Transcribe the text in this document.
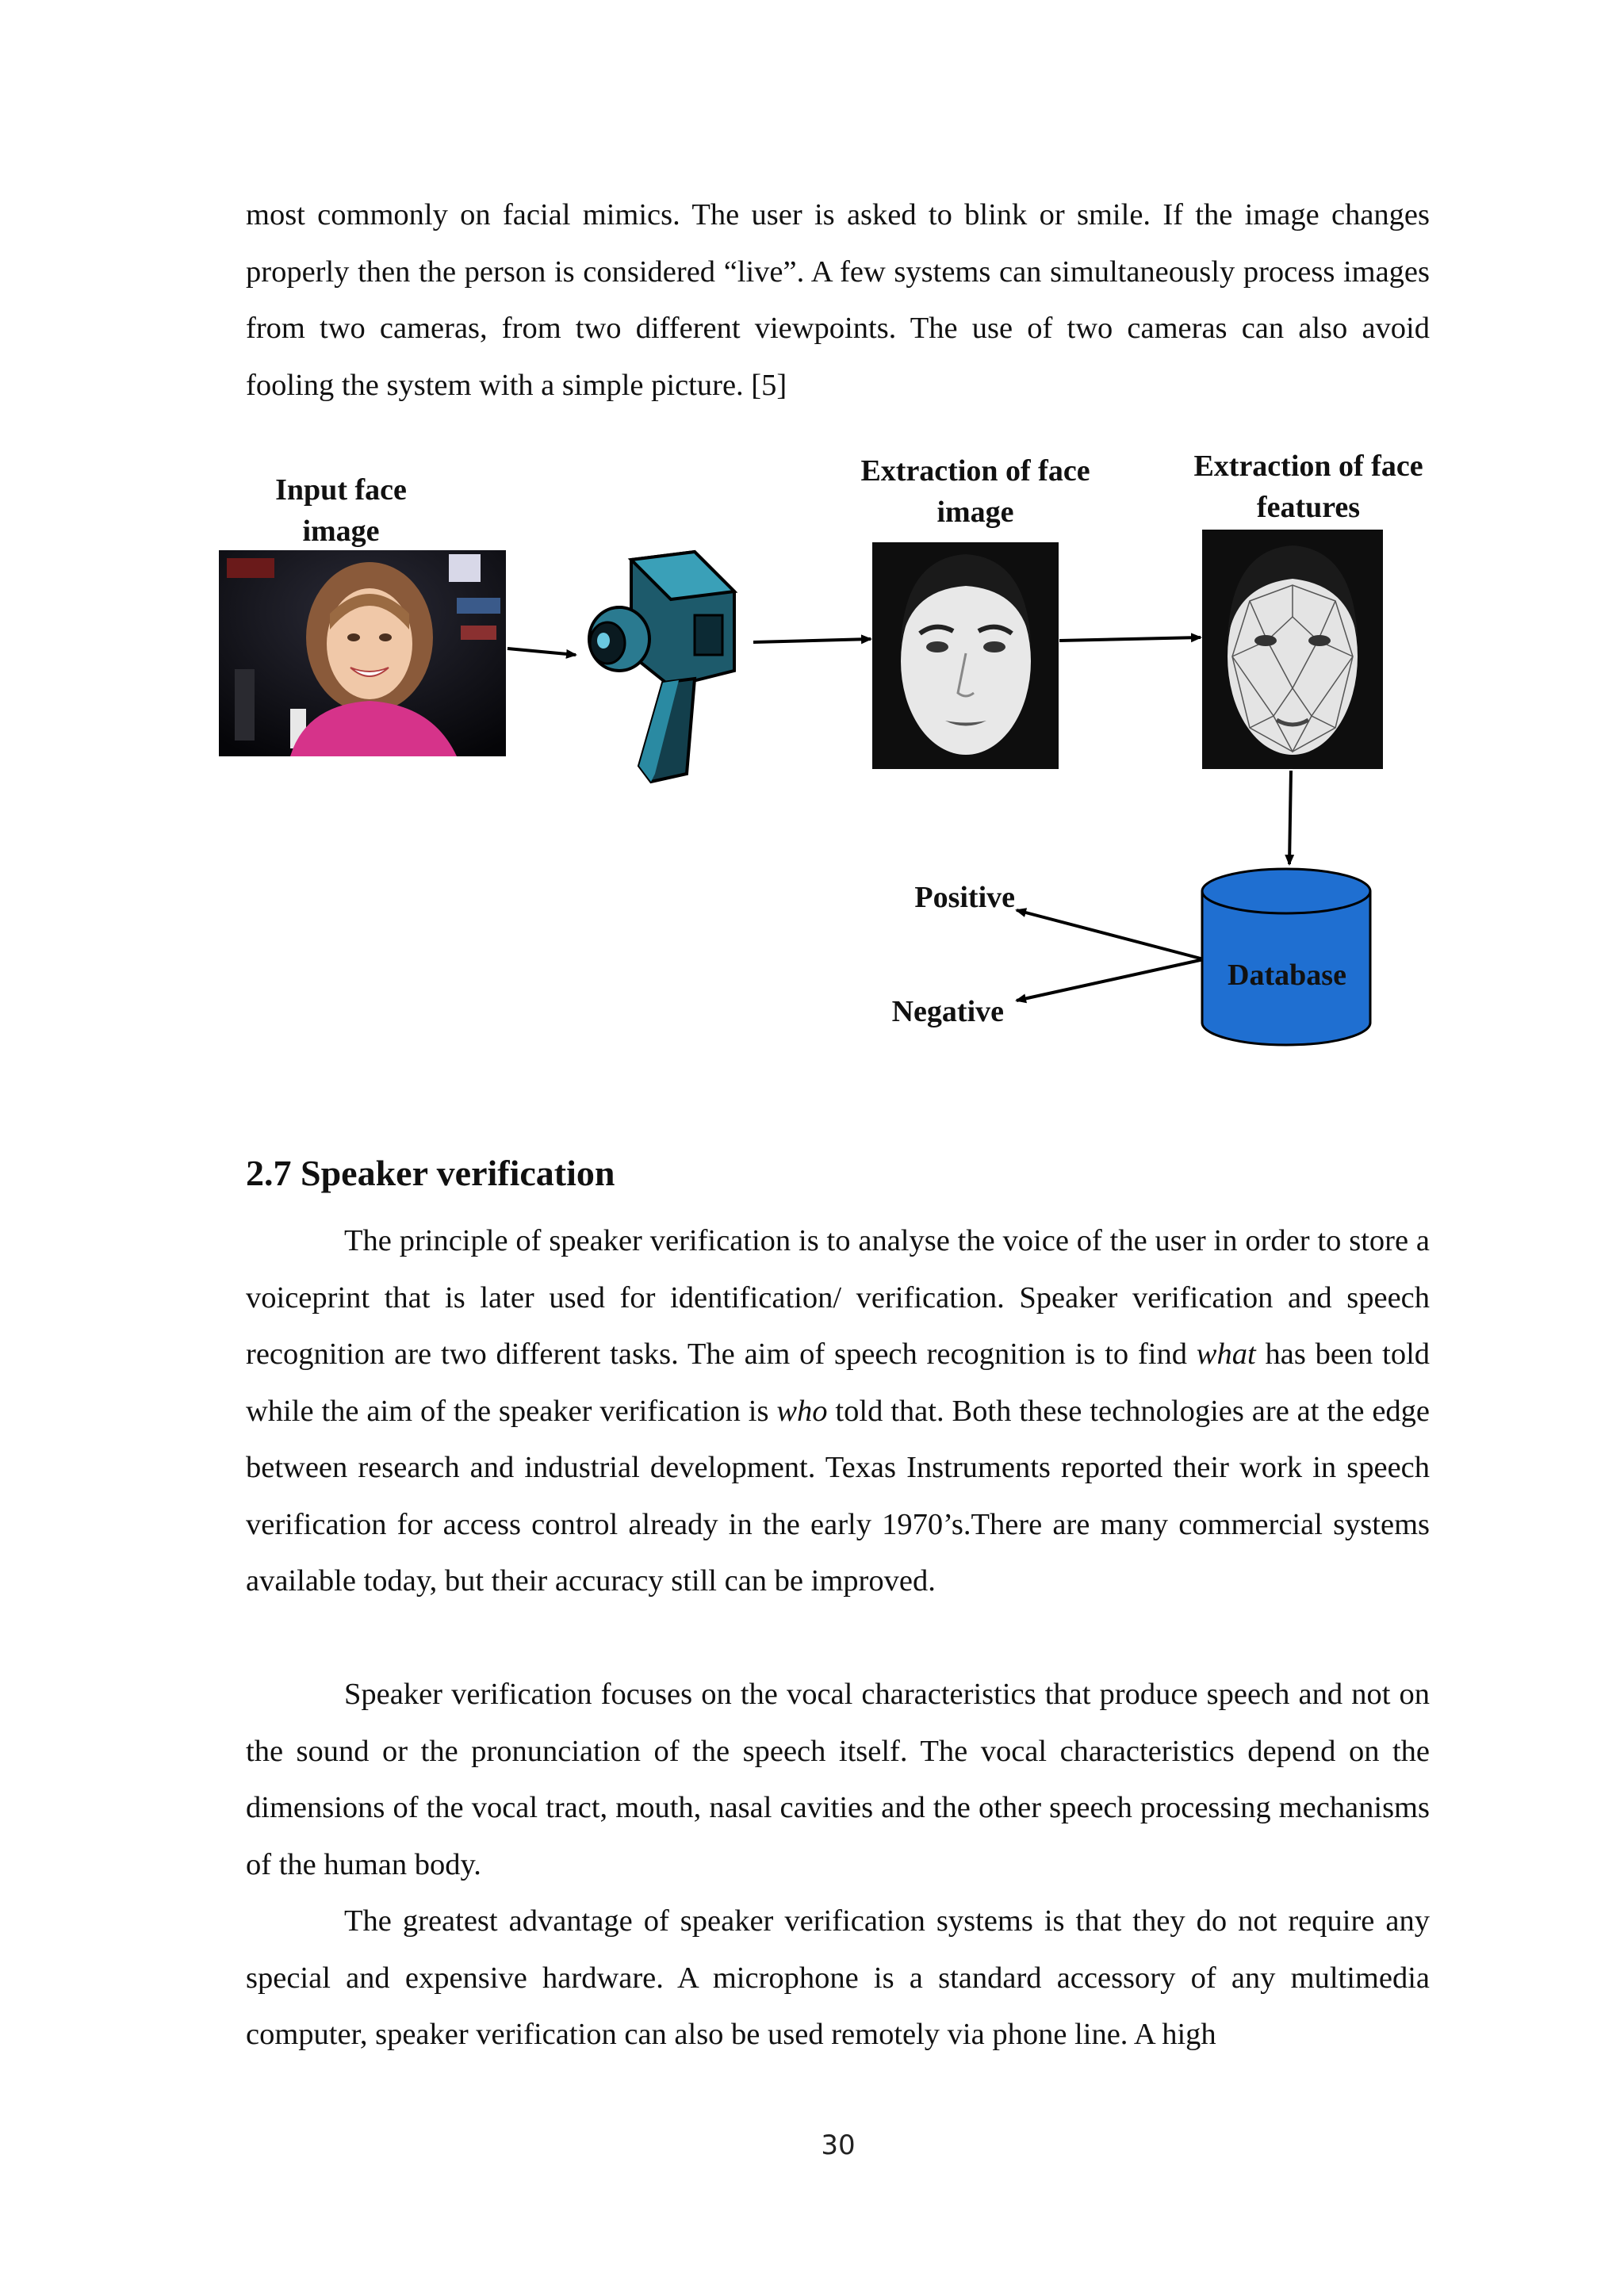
most commonly on facial mimics. The user is asked to blink or smile. If the image changes properly then the person is considered “live”. A few systems can simultaneously process images from two cameras, from two different viewpoints. The use of two cameras can also avoid fooling the system with a simple picture. [5]

Input face image
Extraction of face image
Extraction of face features
Positive
Negative
Database
2.7 Speaker verification

The principle of speaker verification is to analyse the voice of the user in order to store a voiceprint that is later used for identification/ verification. Speaker verification and speech recognition are two different tasks. The aim of speech recognition is to find what has been told while the aim of the speaker verification is who told that. Both these technologies are at the edge between research and industrial development. Texas Instruments reported their work in speech verification for access control already in the early 1970’s.There are many commercial systems available today, but their accuracy still can be improved.

Speaker verification focuses on the vocal characteristics that produce speech and not on the sound or the pronunciation of the speech itself. The vocal characteristics depend on the dimensions of the vocal tract, mouth, nasal cavities and the other speech processing mechanisms of the human body.

The greatest advantage of speaker verification systems is that they do not require any special and expensive hardware. A microphone is a standard accessory of any multimedia computer, speaker verification can also be used remotely via phone line. A high

30
